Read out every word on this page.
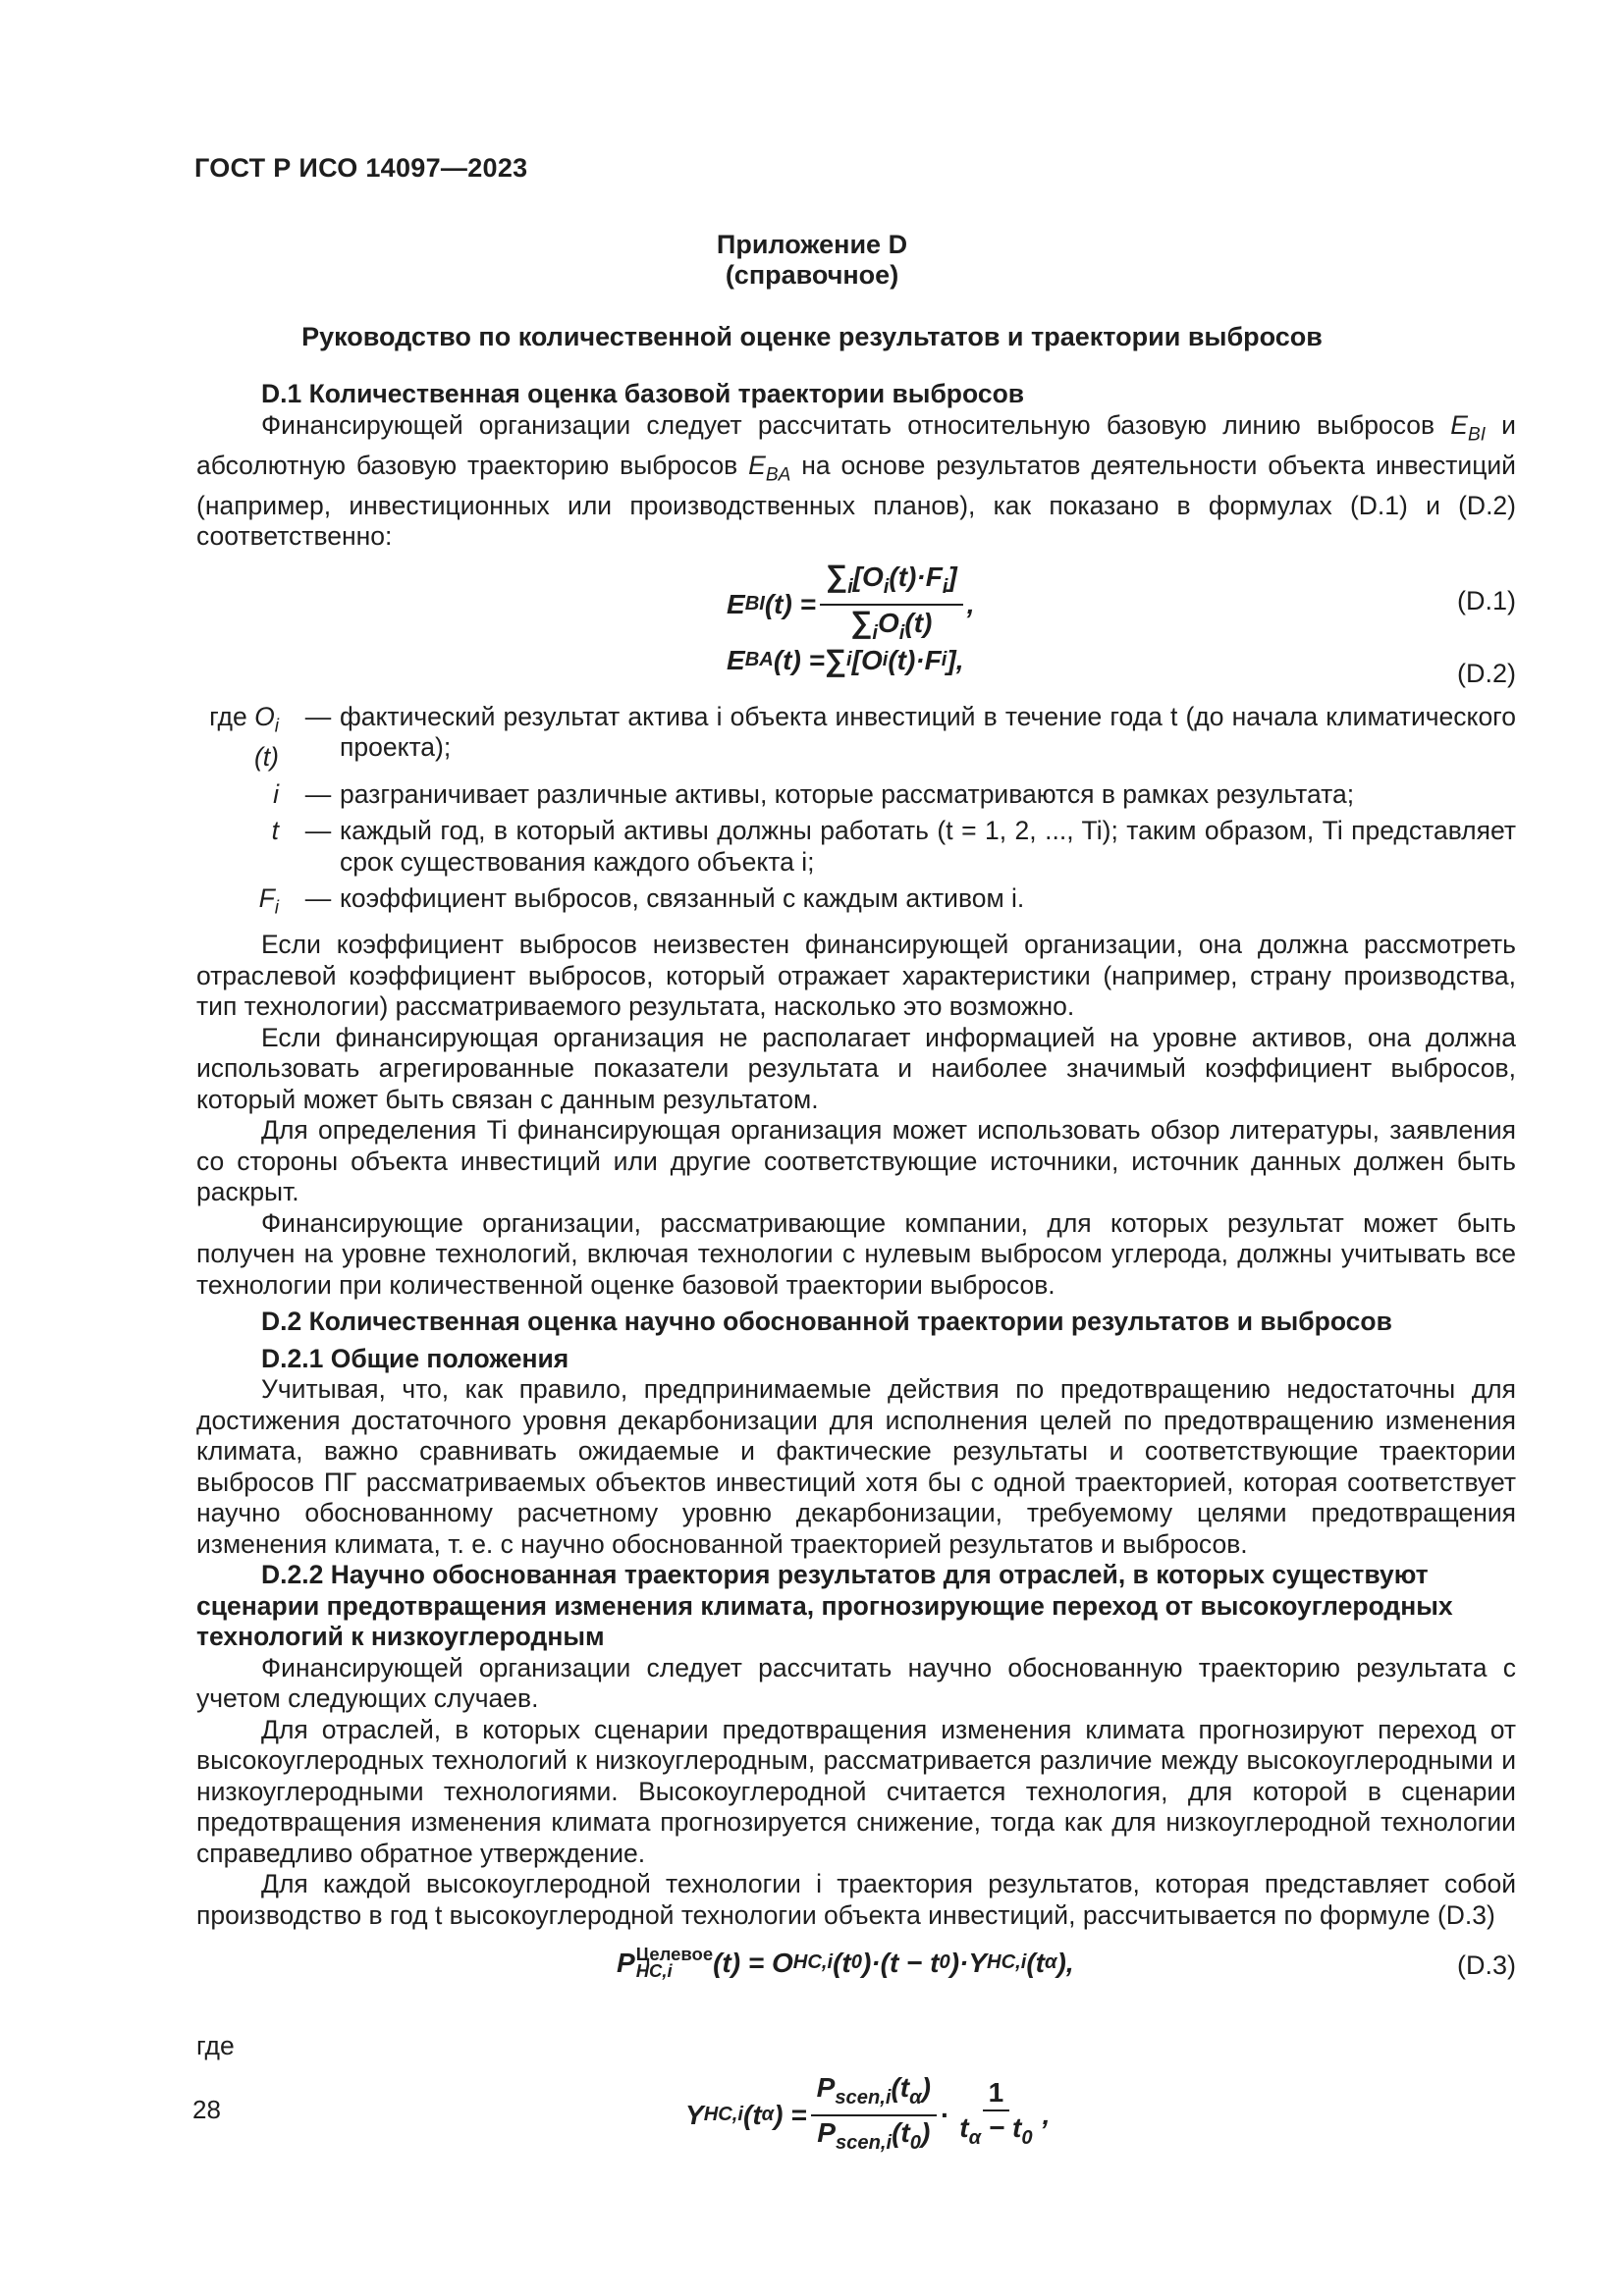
ГОСТ Р ИСО 14097—2023
Приложение D
(справочное)
Руководство по количественной оценке результатов и траектории выбросов

D.1 Количественная оценка базовой траектории выбросов

Финансирующей организации следует рассчитать относительную базовую линию выбросов $E_{BI}$ и абсолютную базовую траекторию выбросов $E_{BA}$ на основе результатов деятельности объекта инвестиций (например, инвестиционных или производственных планов), как показано в формулах (D.1) и (D.2) соответственно:

E BI $(t) = \frac{\sum_i[O_i(t)\cdot F_i]}{\sum_iO_i(t)}$ ,	(D.1)
E BA (t) = ∑ i [O i (t)·F i ],	(D.2)
где $O_i$ (t)
— фактический результат актива i объекта инвестиций в течение года t (до начала климатического проекта);
i	— разграничивает различные активы, которые рассматриваются в рамках результата;
t	— каждый год, в который активы должны работать (t = 1, 2, ..., Ti); таким образом, Ti представляет срок существования каждого объекта i;
$F_i$	— коэффициент выбросов, связанный с каждым активом i.

Если коэффициент выбросов неизвестен финансирующей организации, она должна рассмотреть отраслевой коэффициент выбросов, который отражает характеристики (например, страну производства, тип технологии) рассматриваемого результата, насколько это возможно.

Если финансирующая организация не располагает информацией на уровне активов, она должна использовать агрегированные показатели результата и наиболее значимый коэффициент выбросов, который может быть связан с данным результатом.

Для определения Ti финансирующая организация может использовать обзор литературы, заявления со стороны объекта инвестиций или другие соответствующие источники, источник данных должен быть раскрыт.

Финансирующие организации, рассматривающие компании, для которых результат может быть получен на уровне технологий, включая технологии с нулевым выбросом углерода, должны учитывать все технологии при количественной оценке базовой траектории выбросов.

D.2 Количественная оценка научно обоснованной траектории результатов и выбросов

D.2.1 Общие положения

Учитывая, что, как правило, предпринимаемые действия по предотвращению недостаточны для достижения достаточного уровня декарбонизации для исполнения целей по предотвращению изменения климата, важно сравнивать ожидаемые и фактические результаты и соответствующие траектории выбросов ПГ рассматриваемых объектов инвестиций хотя бы с одной траекторией, которая соответствует научно обоснованному расчетному уровню декарбонизации, требуемому целями предотвращения изменения климата, т. е. с научно обоснованной траекторией результатов и выбросов.

D.2.2 Научно обоснованная траектория результатов для отраслей, в которых существуют сценарии предотвращения изменения климата, прогнозирующие переход от высокоуглеродных технологий к низкоуглеродным

Финансирующей организации следует рассчитать научно обоснованную траекторию результата с учетом следующих случаев.

Для отраслей, в которых сценарии предотвращения изменения климата прогнозируют переход от высокоуглеродных технологий к низкоуглеродным, рассматривается различие между высокоуглеродными и низкоуглеродными технологиями. Высокоуглеродной считается технология, для которой в сценарии предотвращения изменения климата прогнозируется снижение, тогда как для низкоуглеродной технологии справедливо обратное утверждение.

Для каждой высокоуглеродной технологии i траектория результатов, которая представляет собой производство в год t высокоуглеродной технологии объекта инвестиций, рассчитывается по формуле (D.3)

P Целевое
HC,i	(t) = O HC,i (t 0 )·(t − t 0 )·Y HC,i (t α ),	(D.3)
где
Y HC,i (t α ) = $\frac{P_{scen,i}(t_\alpha)}{P_{scen,i}(t_0)} \cdot \frac{1}{t_\alpha - t_0}$ ,
28
